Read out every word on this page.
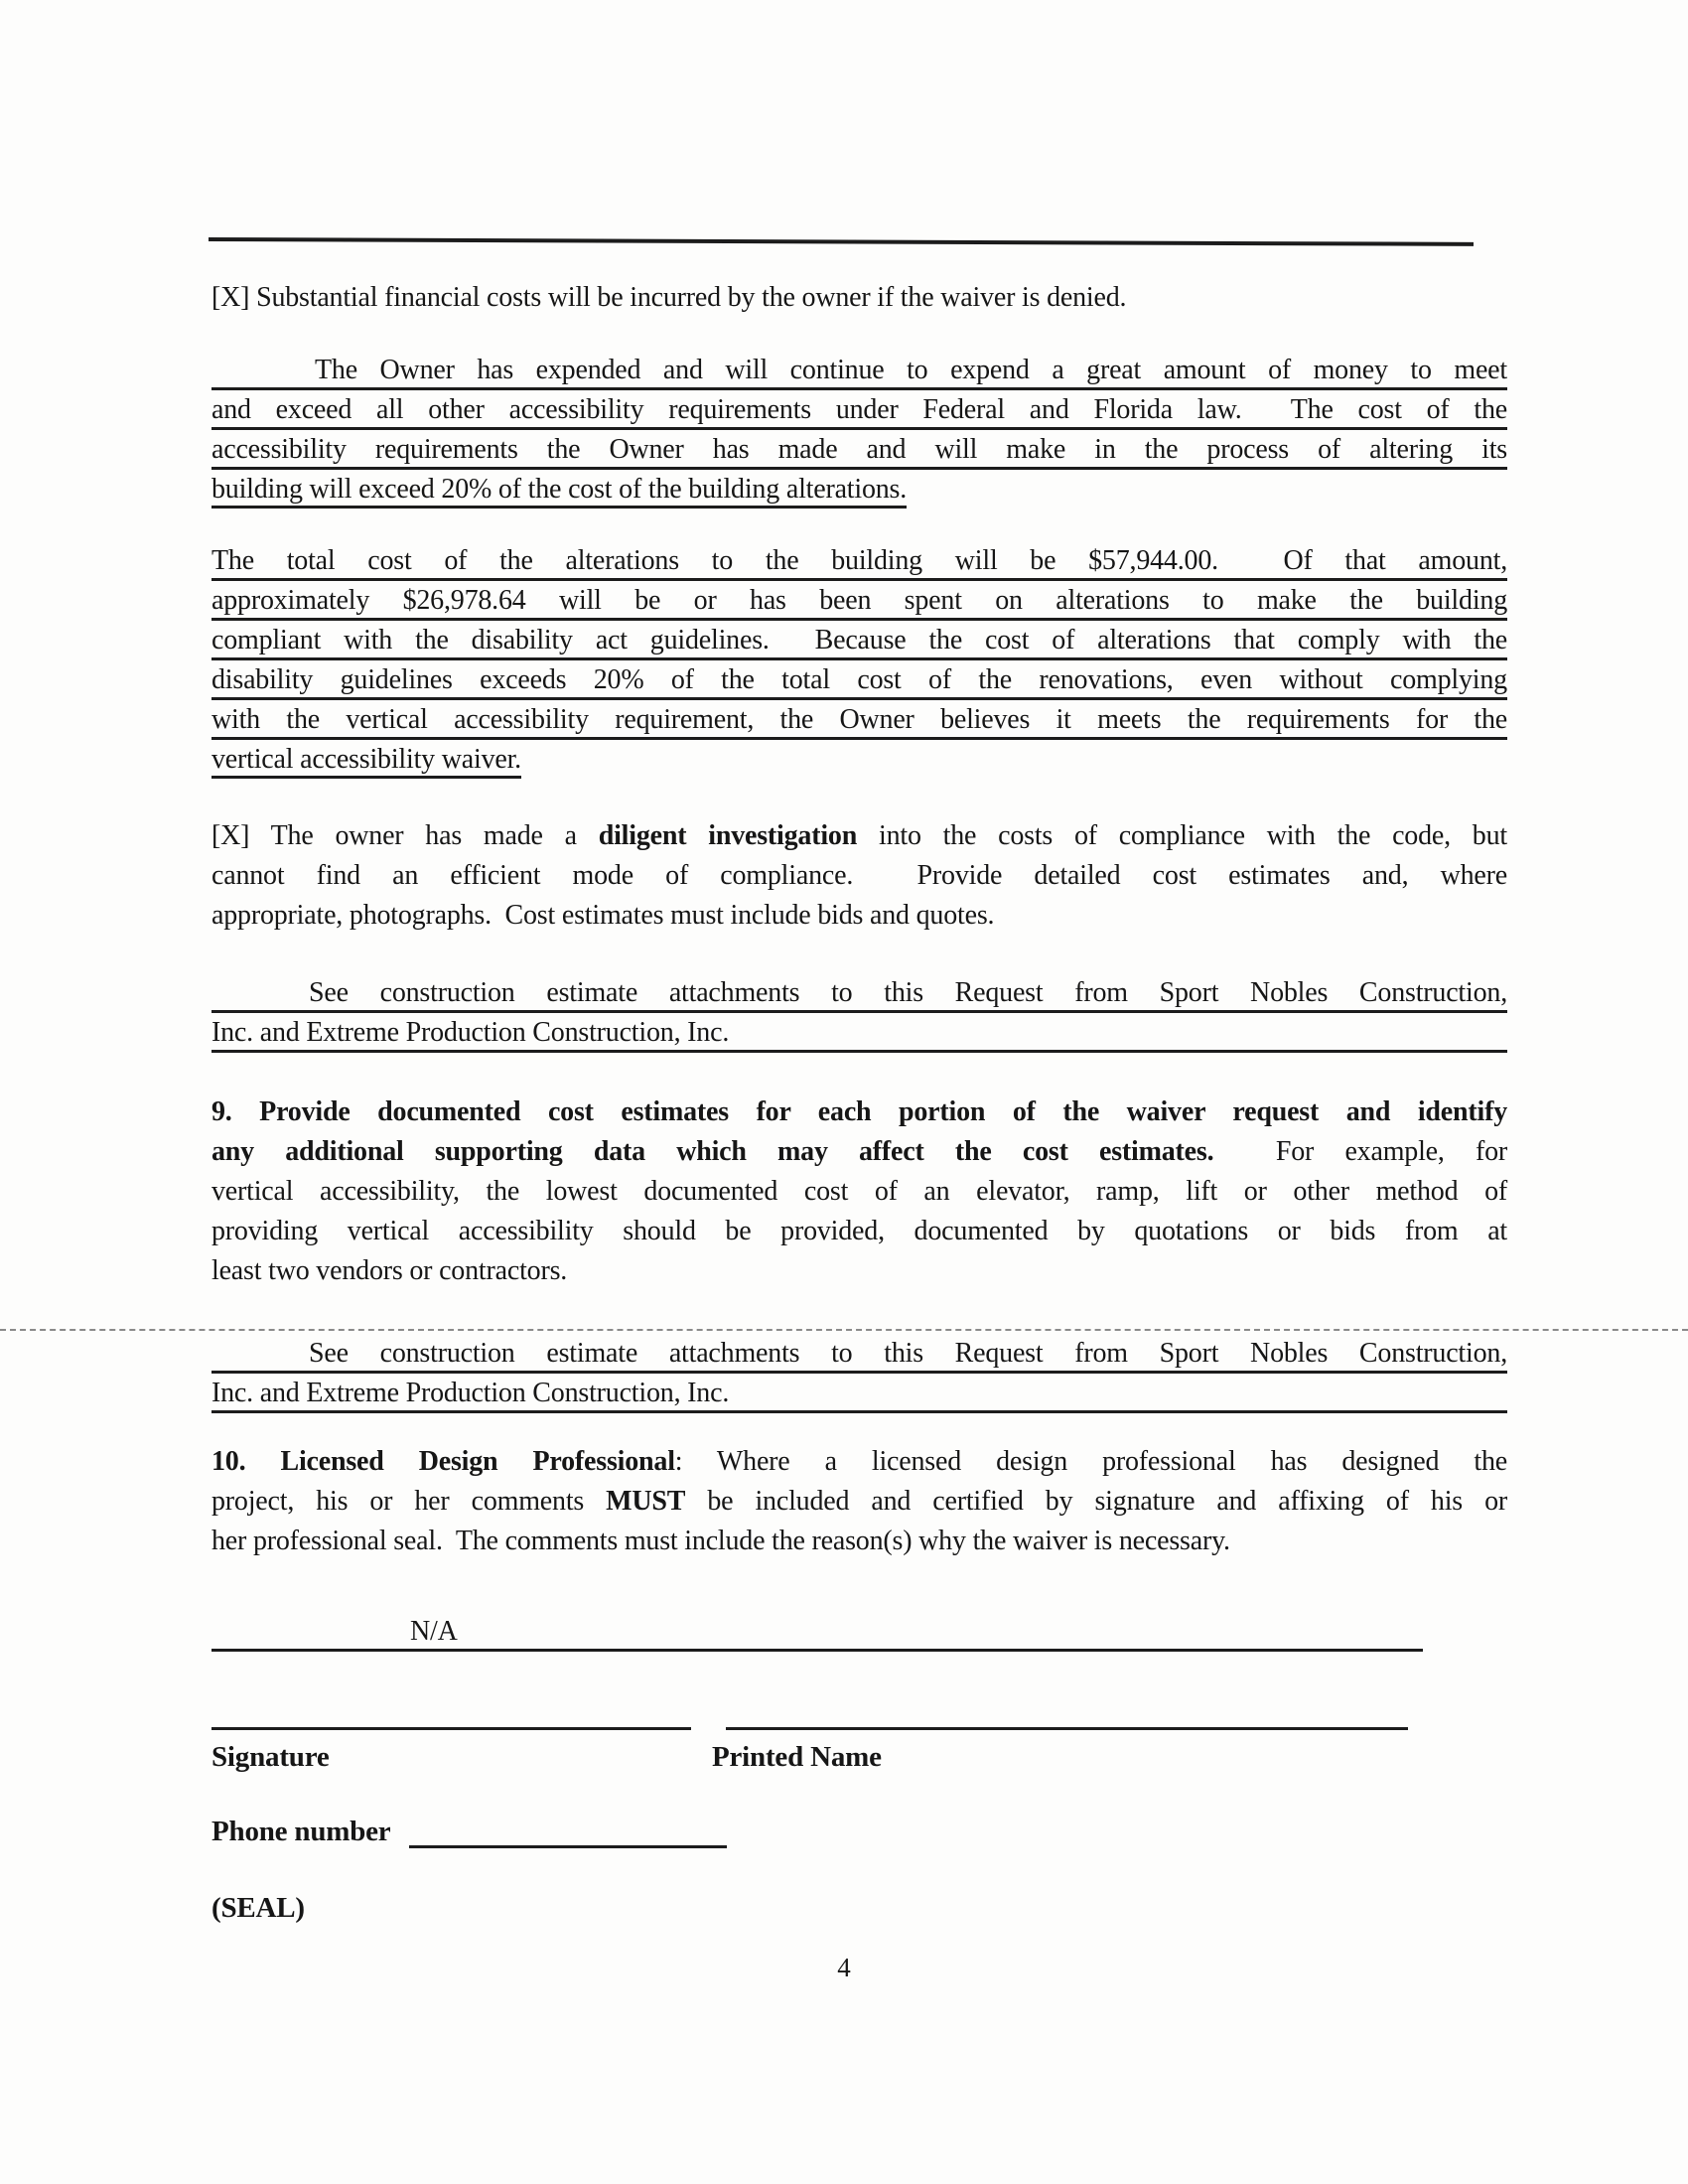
[X] Substantial financial costs will be incurred by the owner if the waiver is denied.
The Owner has expended and will continue to expend a great amount of money to meet
and exceed all other accessibility requirements under Federal and Florida law.  The cost of the
accessibility requirements the Owner has made and will make in the process of altering its
building will exceed 20% of the cost of the building alterations.
The total cost of the alterations to the building will be $57,944.00.  Of that amount,
approximately $26,978.64 will be or has been spent on alterations to make the building
compliant with the disability act guidelines.  Because the cost of alterations that comply with the
disability guidelines exceeds 20% of the total cost of the renovations, even without complying
with the vertical accessibility requirement, the Owner believes it meets the requirements for the
vertical accessibility waiver.
[X] The owner has made a diligent investigation into the costs of compliance with the code, but
cannot find an efficient mode of compliance.  Provide detailed cost estimates and, where
appropriate, photographs.  Cost estimates must include bids and quotes.
See construction estimate attachments to this Request from Sport Nobles Construction,
Inc. and Extreme Production Construction, Inc.
9. Provide documented cost estimates for each portion of the waiver request and identify
any additional supporting data which may affect the cost estimates.  For example, for
vertical accessibility, the lowest documented cost of an elevator, ramp, lift or other method of
providing vertical accessibility should be provided, documented by quotations or bids from at
least two vendors or contractors.
See construction estimate attachments to this Request from Sport Nobles Construction,
Inc. and Extreme Production Construction, Inc.
10. Licensed Design Professional: Where a licensed design professional has designed the
project, his or her comments MUST be included and certified by signature and affixing of his or
her professional seal.  The comments must include the reason(s) why the waiver is necessary.
N/A
Signature	Printed Name
Phone number
(SEAL)
4
